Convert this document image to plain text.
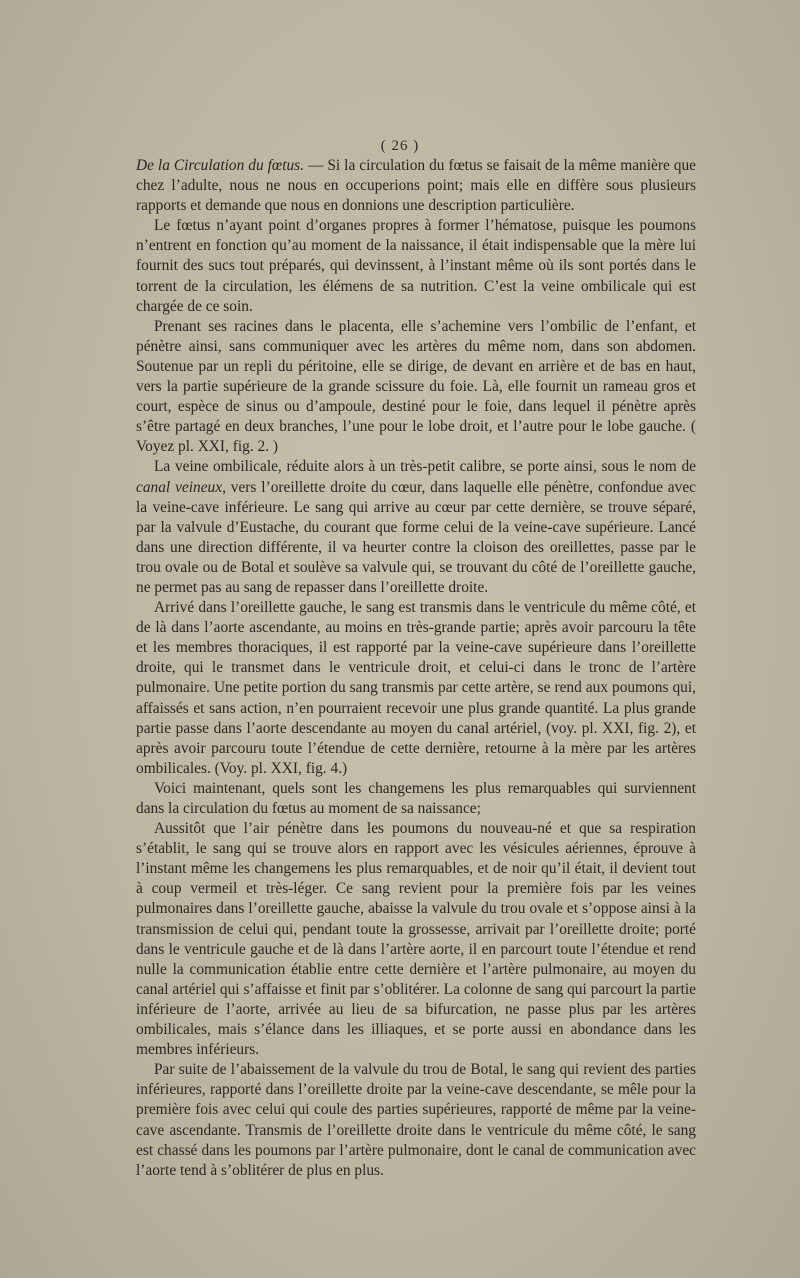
( 26 )

De la Circulation du fœtus. — Si la circulation du fœtus se faisait de la même manière que chez l’adulte, nous ne nous en occuperions point; mais elle en diffère sous plusieurs rapports et demande que nous en donnions une description particulière.

Le fœtus n’ayant point d’organes propres à former l’hématose, puisque les poumons n’entrent en fonction qu’au moment de la naissance, il était indispensable que la mère lui fournit des sucs tout préparés, qui devinssent, à l’instant même où ils sont portés dans le torrent de la circulation, les élémens de sa nutrition. C’est la veine ombilicale qui est chargée de ce soin.

Prenant ses racines dans le placenta, elle s’achemine vers l’ombilic de l’enfant, et pénètre ainsi, sans communiquer avec les artères du même nom, dans son abdomen. Soutenue par un repli du péritoine, elle se dirige, de devant en arrière et de bas en haut, vers la partie supérieure de la grande scissure du foie. Là, elle fournit un rameau gros et court, espèce de sinus ou d’ampoule, destiné pour le foie, dans lequel il pénètre après s’être partagé en deux branches, l’une pour le lobe droit, et l’autre pour le lobe gauche. ( Voyez pl. XXI, fig. 2. )

La veine ombilicale, réduite alors à un très-petit calibre, se porte ainsi, sous le nom de canal veineux, vers l’oreillette droite du cœur, dans laquelle elle pénètre, confondue avec la veine-cave inférieure. Le sang qui arrive au cœur par cette dernière, se trouve séparé, par la valvule d’Eustache, du courant que forme celui de la veine-cave supérieure. Lancé dans une direction différente, il va heurter contre la cloison des oreillettes, passe par le trou ovale ou de Botal et soulève sa valvule qui, se trouvant du côté de l’oreillette gauche, ne permet pas au sang de repasser dans l’oreillette droite.

Arrivé dans l’oreillette gauche, le sang est transmis dans le ventricule du même côté, et de là dans l’aorte ascendante, au moins en très-grande partie; après avoir parcouru la tête et les membres thoraciques, il est rapporté par la veine-cave supérieure dans l’oreillette droite, qui le transmet dans le ventricule droit, et celui-ci dans le tronc de l’artère pulmonaire. Une petite portion du sang transmis par cette artère, se rend aux poumons qui, affaissés et sans action, n’en pourraient recevoir une plus grande quantité. La plus grande partie passe dans l’aorte descendante au moyen du canal artériel, (voy. pl. XXI, fig. 2), et après avoir parcouru toute l’étendue de cette dernière, retourne à la mère par les artères ombilicales. (Voy. pl. XXI, fig. 4.)

Voici maintenant, quels sont les changemens les plus remarquables qui surviennent dans la circulation du fœtus au moment de sa naissance;

Aussitôt que l’air pénètre dans les poumons du nouveau-né et que sa respiration s’établit, le sang qui se trouve alors en rapport avec les vésicules aériennes, éprouve à l’instant même les changemens les plus remarquables, et de noir qu’il était, il devient tout à coup vermeil et très-léger. Ce sang revient pour la première fois par les veines pulmonaires dans l’oreillette gauche, abaisse la valvule du trou ovale et s’oppose ainsi à la transmission de celui qui, pendant toute la grossesse, arrivait par l’oreillette droite; porté dans le ventricule gauche et de là dans l’artère aorte, il en parcourt toute l’étendue et rend nulle la communication établie entre cette dernière et l’artère pulmonaire, au moyen du canal artériel qui s’affaisse et finit par s’oblitérer. La colonne de sang qui parcourt la partie inférieure de l’aorte, arrivée au lieu de sa bifurcation, ne passe plus par les artères ombilicales, mais s’élance dans les illiaques, et se porte aussi en abondance dans les membres inférieurs.

Par suite de l’abaissement de la valvule du trou de Botal, le sang qui revient des parties inférieures, rapporté dans l’oreillette droite par la veine-cave descendante, se mêle pour la première fois avec celui qui coule des parties supérieures, rapporté de même par la veine-cave ascendante. Transmis de l’oreillette droite dans le ventricule du même côté, le sang est chassé dans les poumons par l’artère pulmonaire, dont le canal de communication avec l’aorte tend à s’oblitérer de plus en plus.
